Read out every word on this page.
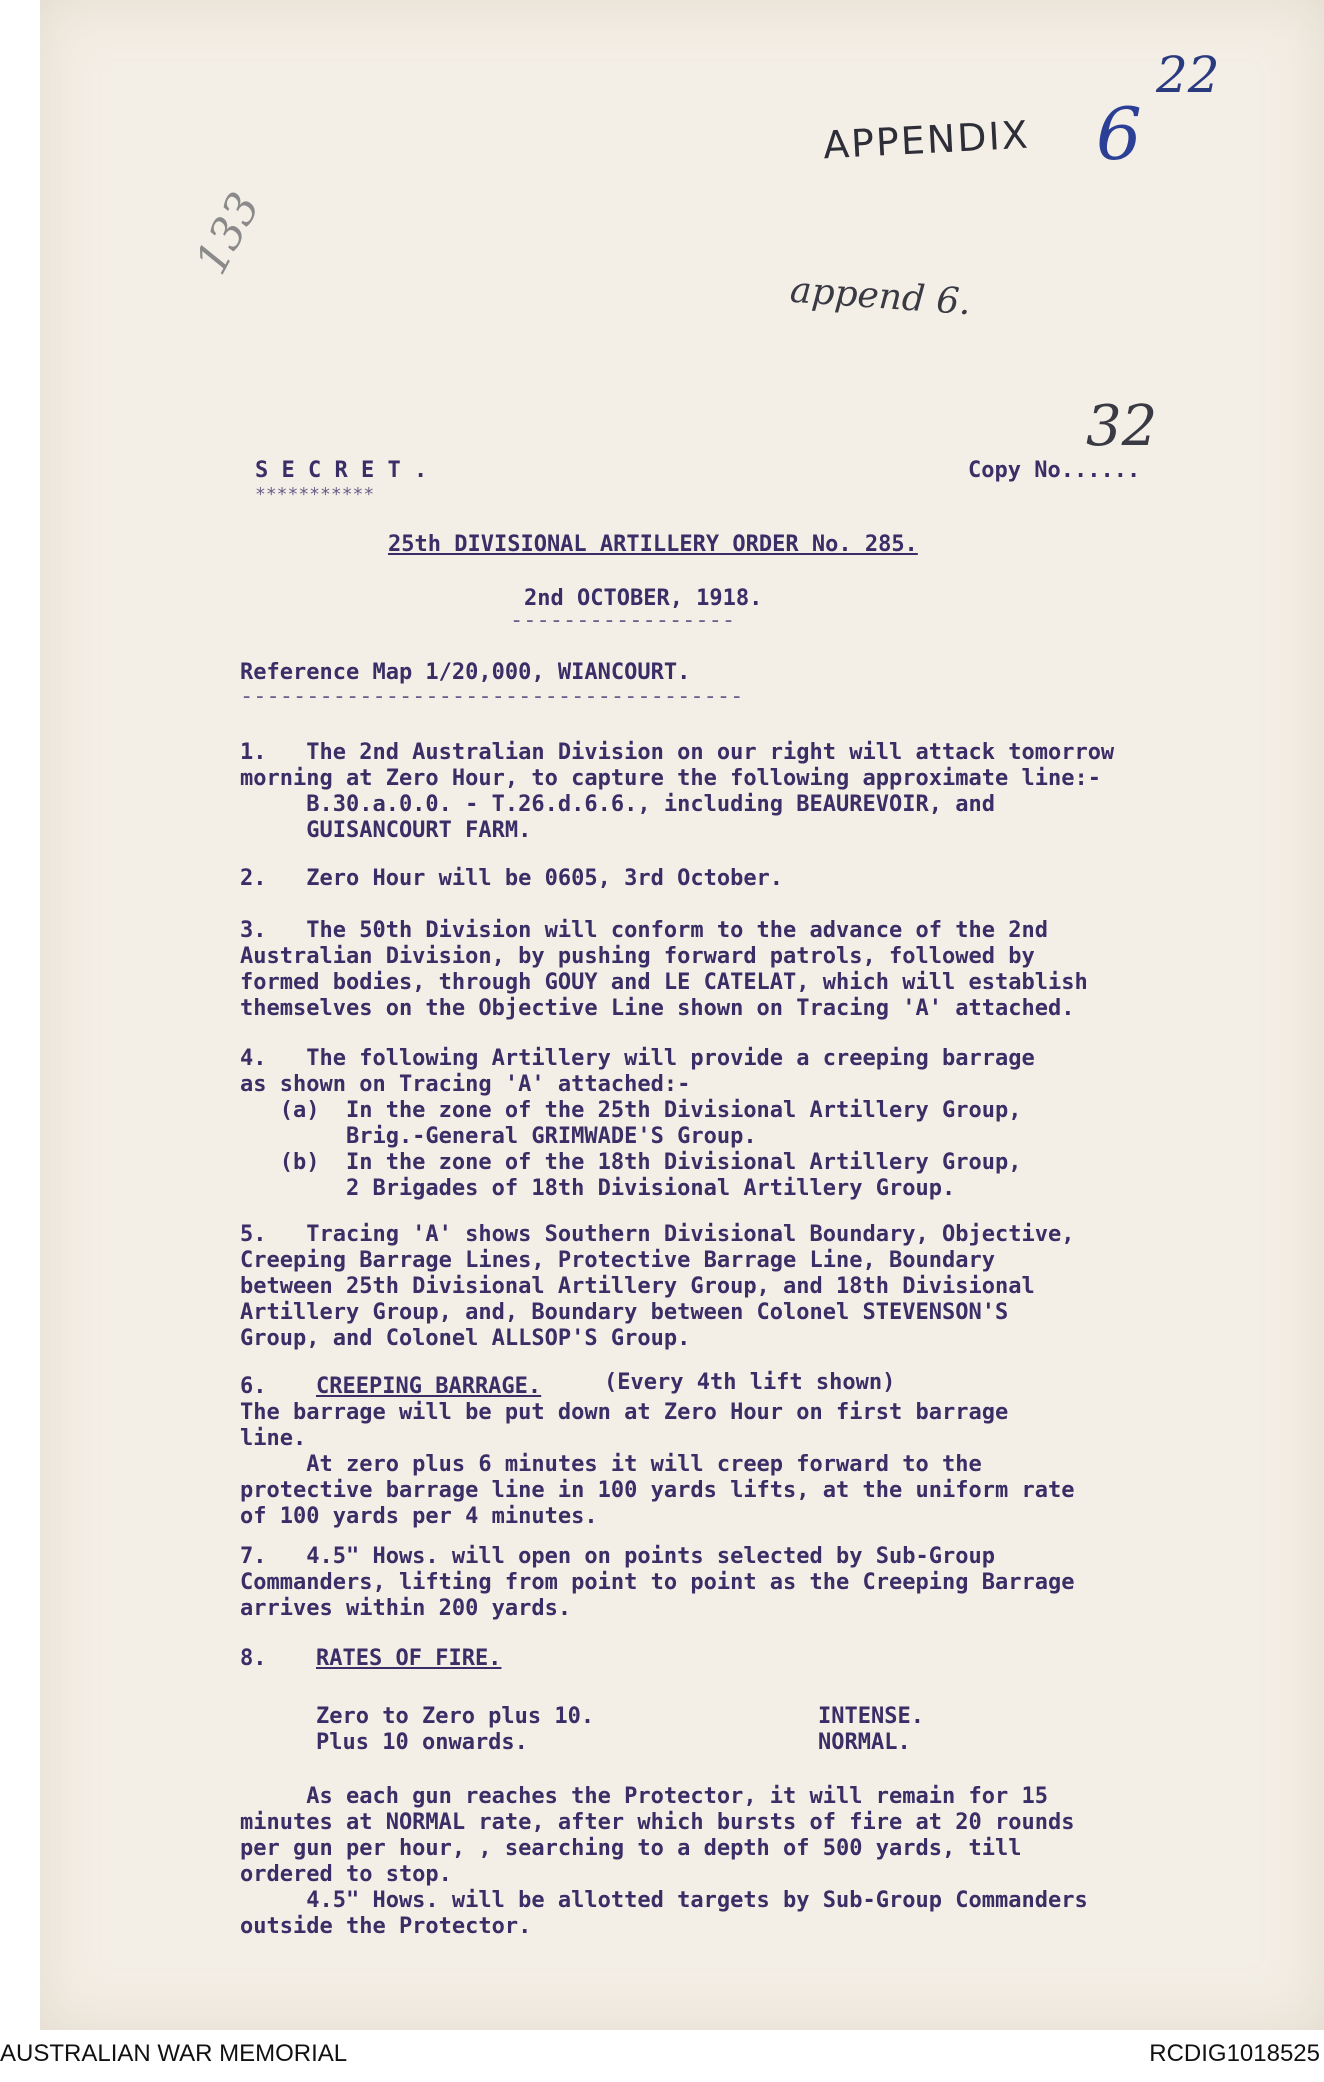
APPENDIX 6
22
133
append 6.
32
S E C R E T .
***********
Copy No......
25th DIVISIONAL ARTILLERY ORDER No. 285.
2nd OCTOBER, 1918.
-----------------
Reference Map 1/20,000, WIANCOURT.
--------------------------------------
1.   The 2nd Australian Division on our right will attack tomorrow
morning at Zero Hour, to capture the following approximate line:-
B.30.a.0.0. - T.26.d.6.6., including BEAUREVOIR, and
GUISANCOURT FARM.
2.   Zero Hour will be 0605, 3rd October.
3.   The 50th Division will conform to the advance of the 2nd
Australian Division, by pushing forward patrols, followed by
formed bodies, through GOUY and LE CATELAT, which will establish
themselves on the Objective Line shown on Tracing 'A' attached.
4.   The following Artillery will provide a creeping barrage
as shown on Tracing 'A' attached:-
(a)  In the zone of the 25th Divisional Artillery Group,
Brig.-General GRIMWADE'S Group.
(b)  In the zone of the 18th Divisional Artillery Group,
2 Brigades of 18th Divisional Artillery Group.
5.   Tracing 'A' shows Southern Divisional Boundary, Objective,
Creeping Barrage Lines, Protective Barrage Line, Boundary
between 25th Divisional Artillery Group, and 18th Divisional
Artillery Group, and, Boundary between Colonel STEVENSON'S
Group, and Colonel ALLSOP'S Group.
6. CREEPING BARRAGE.	(Every 4th lift shown)
The barrage will be put down at Zero Hour on first barrage
line.
At zero plus 6 minutes it will creep forward to the
protective barrage line in 100 yards lifts, at the uniform rate
of 100 yards per 4 minutes.
7.   4.5" Hows. will open on points selected by Sub-Group
Commanders, lifting from point to point as the Creeping Barrage
arrives within 200 yards.
8. RATES OF FIRE.
Zero to Zero plus 10.	INTENSE.
Plus 10 onwards.	NORMAL.
As each gun reaches the Protector, it will remain for 15
minutes at NORMAL rate, after which bursts of fire at 20 rounds
per gun per hour, , searching to a depth of 500 yards, till
ordered to stop.
4.5" Hows. will be allotted targets by Sub-Group Commanders
outside the Protector.
AUSTRALIAN WAR MEMORIAL	RCDIG1018525
